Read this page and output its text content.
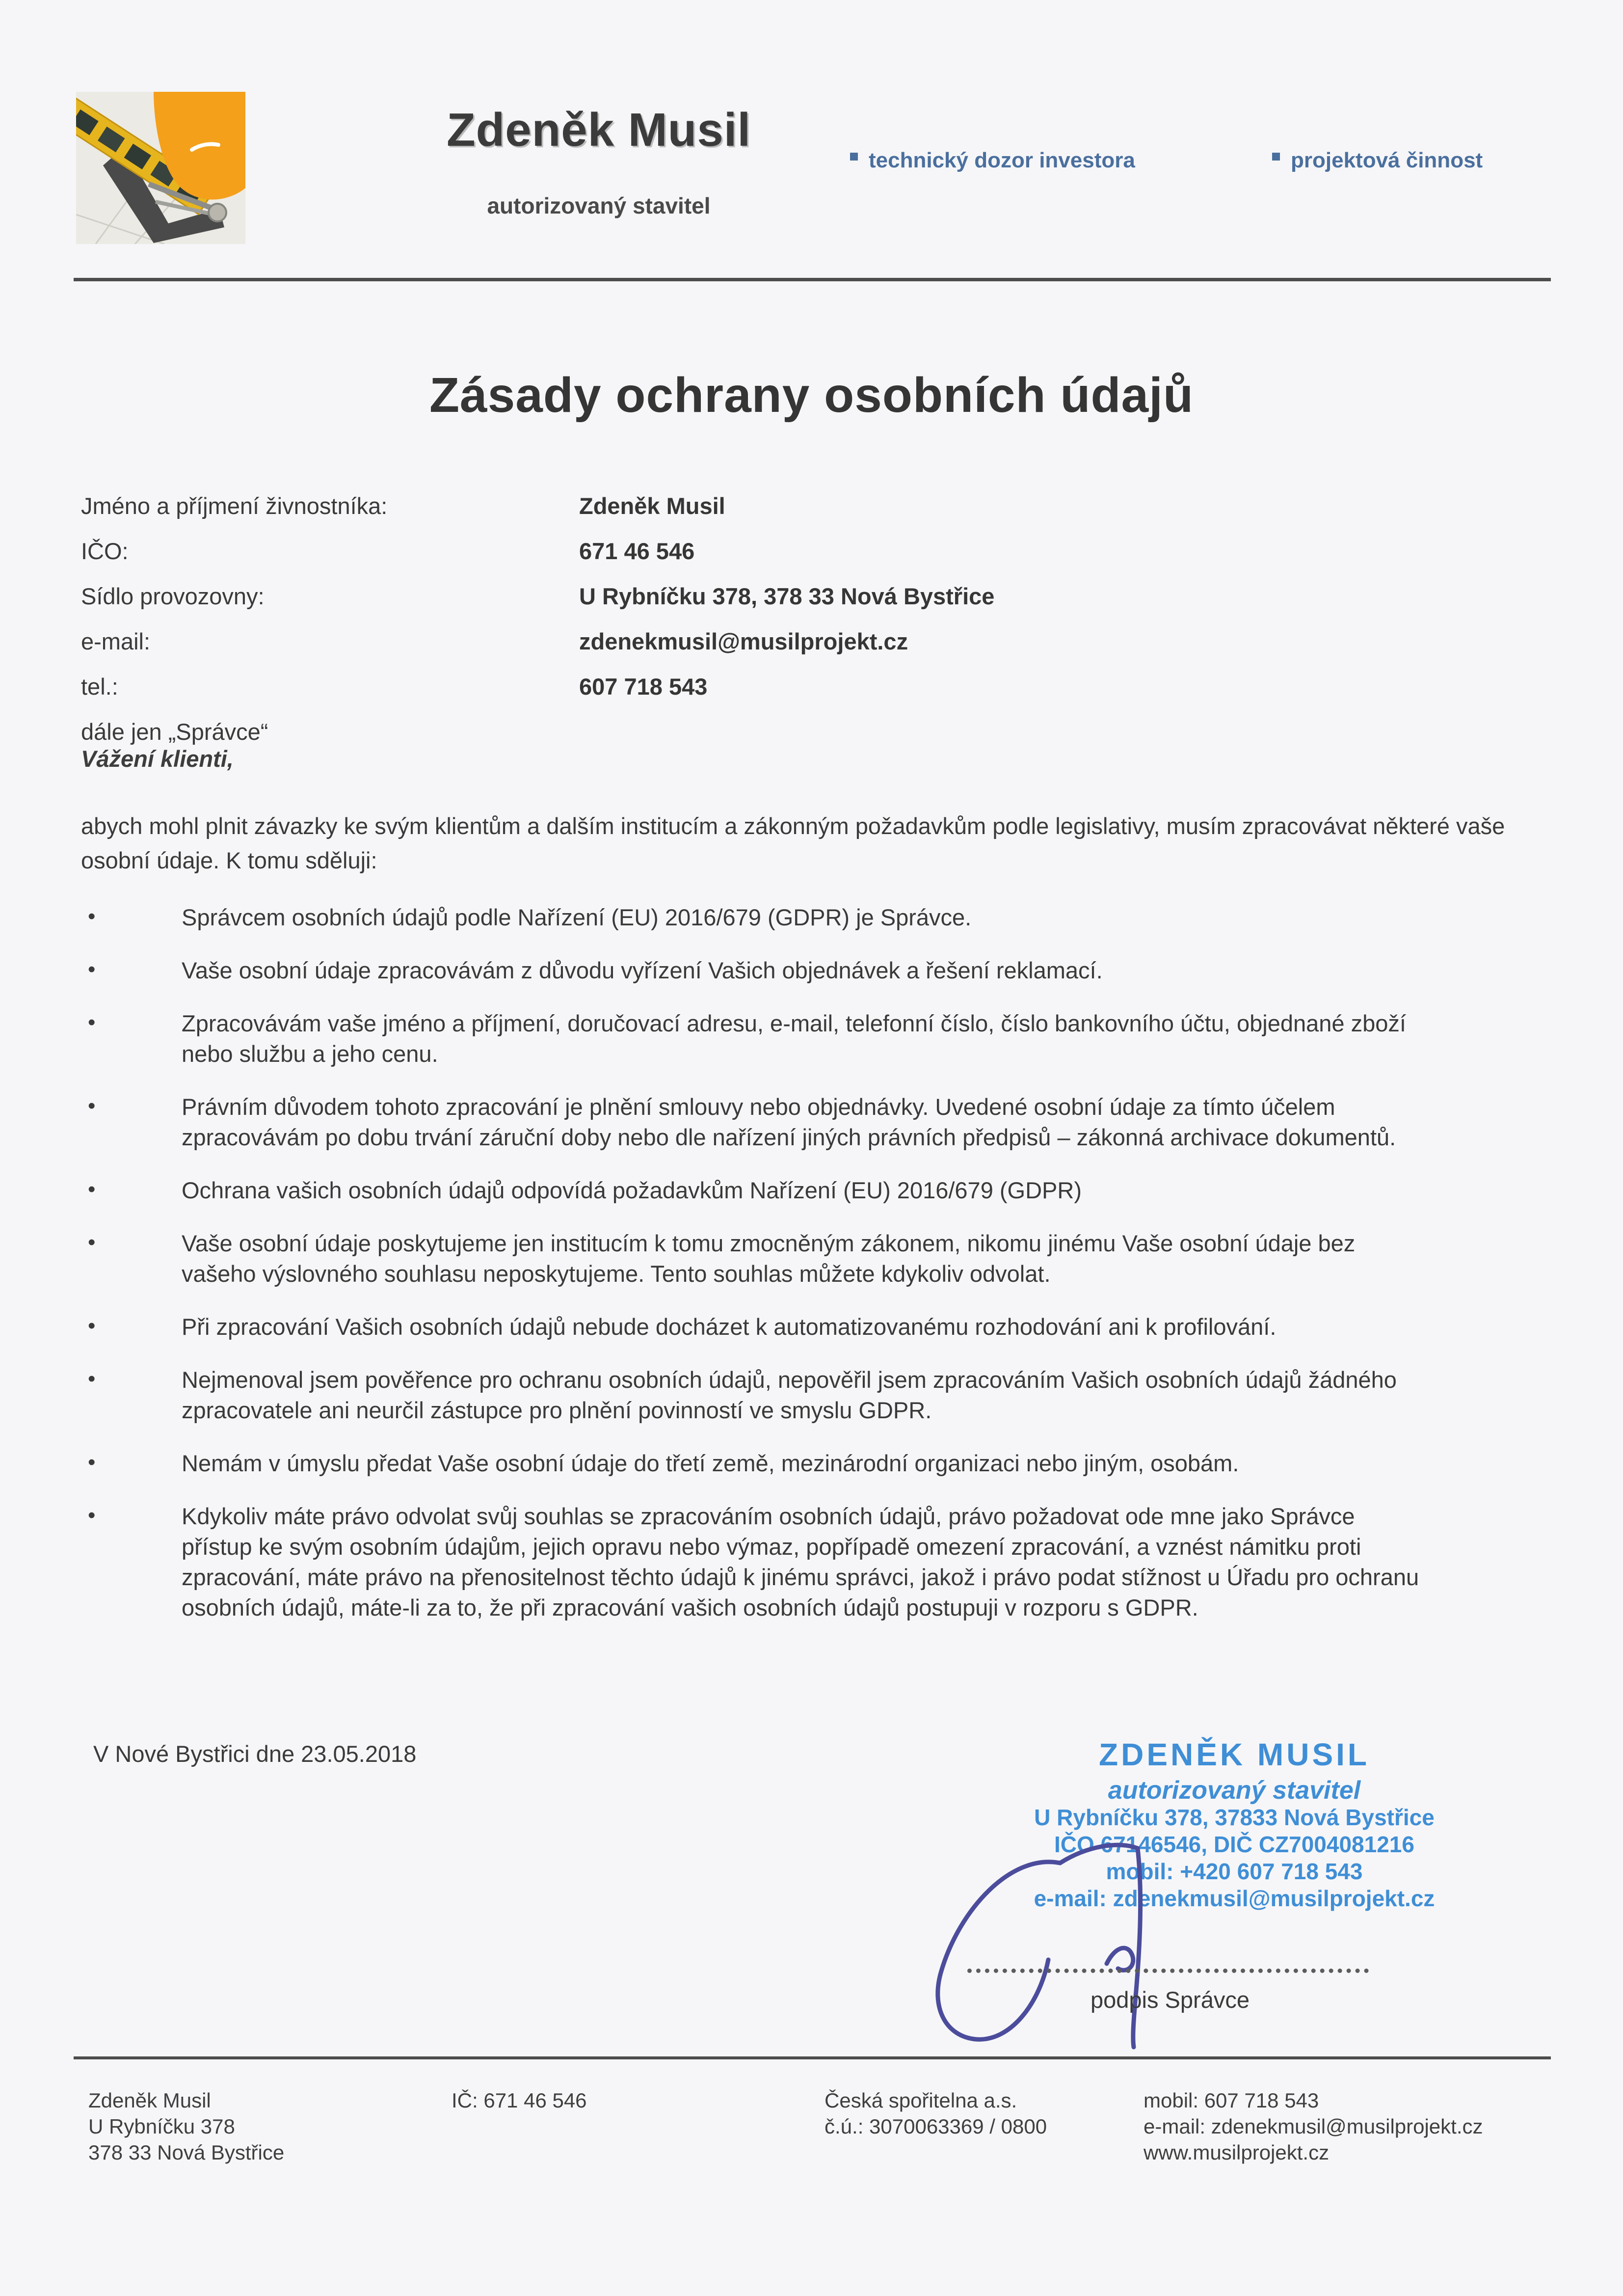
Zdeněk Musil
autorizovaný stavitel
technický dozor investora	projektová činnost
Zásady ochrany osobních údajů
Jméno a příjmení živnostníka:	Zdeněk Musil
IČO:	671 46 546
Sídlo provozovny:	U Rybníčku 378, 378 33 Nová Bystřice
e-mail:	zdenekmusil@musilprojekt.cz
tel.:	607 718 543
dále jen „Správce“

Vážení klienti,

abych mohl plnit závazky ke svým klientům a dalším institucím a zákonným požadavkům podle legislativy, musím zpracovávat některé vaše osobní údaje. K tomu sděluji:

• Správcem osobních údajů podle Nařízení (EU) 2016/679 (GDPR) je Správce.
• Vaše osobní údaje zpracovávám z důvodu vyřízení Vašich objednávek a řešení reklamací.
• Zpracovávám vaše jméno a příjmení, doručovací adresu, e-mail, telefonní číslo, číslo bankovního účtu, objednané zboží nebo službu a jeho cenu.
• Právním důvodem tohoto zpracování je plnění smlouvy nebo objednávky. Uvedené osobní údaje za tímto účelem zpracovávám po dobu trvání záruční doby nebo dle nařízení jiných právních předpisů – zákonná archivace dokumentů.
• Ochrana vašich osobních údajů odpovídá požadavkům Nařízení (EU) 2016/679 (GDPR)
• Vaše osobní údaje poskytujeme jen institucím k tomu zmocněným zákonem, nikomu jinému Vaše osobní údaje bez vašeho výslovného souhlasu neposkytujeme. Tento souhlas můžete kdykoliv odvolat.
• Při zpracování Vašich osobních údajů nebude docházet k automatizovanému rozhodování ani k profilování.
• Nejmenoval jsem pověřence pro ochranu osobních údajů, nepověřil jsem zpracováním Vašich osobních údajů žádného zpracovatele ani neurčil zástupce pro plnění povinností ve smyslu GDPR.
• Nemám v úmyslu předat Vaše osobní údaje do třetí země, mezinárodní organizaci nebo jiným, osobám.
• Kdykoliv máte právo odvolat svůj souhlas se zpracováním osobních údajů, právo požadovat ode mne jako Správce přístup ke svým osobním údajům, jejich opravu nebo výmaz, popřípadě omezení zpracování, a vznést námitku proti zpracování, máte právo na přenositelnost těchto údajů k jinému správci, jakož i právo podat stížnost u Úřadu pro ochranu osobních údajů, máte-li za to, že při zpracování vašich osobních údajů postupuji v rozporu s GDPR.
V Nové Bystřici dne 23.05.2018	ZDENĚK MUSIL
autorizovaný stavitel
U Rybníčku 378, 37833 Nová Bystřice
IČO 67146546, DIČ CZ7004081216
mobil: +420 607 718 543
e-mail: zdenekmusil@musilprojekt.cz
podpis Správce
Zdeněk Musil
U Rybníčku 378
378 33 Nová Bystřice
IČ: 671 46 546	Česká spořitelna a.s.
č.ú.: 3070063369 / 0800
mobil: 607 718 543
e-mail: zdenekmusil@musilprojekt.cz
www.musilprojekt.cz
